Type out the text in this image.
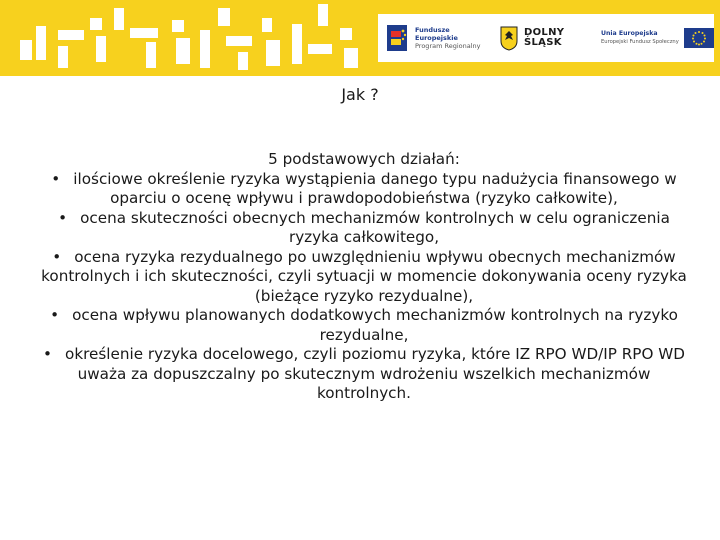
Fundusze
Europejskie
Program Regionalny
DOLNY
ŚLĄSK
Unia Europejska
Europejski Fundusz Społeczny
Jak ?

5 podstawowych działań:

• ilościowe określenie ryzyka wystąpienia danego typu nadużycia finansowego w oparciu o ocenę wpływu i prawdopodobieństwa (ryzyko całkowite),

• ocena skuteczności obecnych mechanizmów kontrolnych w celu ograniczenia ryzyka całkowitego,

• ocena ryzyka rezydualnego po uwzględnieniu wpływu obecnych mechanizmów kontrolnych i ich skuteczności, czyli sytuacji w momencie dokonywania oceny ryzyka (bieżące ryzyko rezydualne),

• ocena wpływu planowanych dodatkowych mechanizmów kontrolnych na ryzyko rezydualne,

• określenie ryzyka docelowego, czyli poziomu ryzyka, które IZ RPO WD/IP RPO WD uważa za dopuszczalny po skutecznym wdrożeniu wszelkich mechanizmów kontrolnych.
